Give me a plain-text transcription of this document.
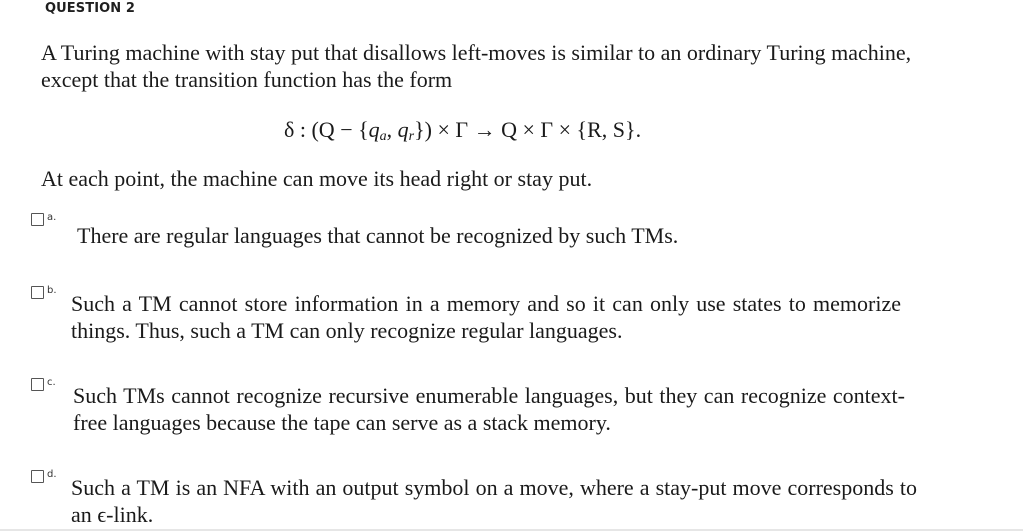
QUESTION 2
A Turing machine with stay put that disallows left-moves is similar to an ordinary Turing machine, except that the transition function has the form
δ : ($Q - \{q_a$, $q_r\}) \times \Gamma \to Q \times \Gamma \times \{R$, S}.
At each point, the machine can move its head right or stay put.
a.
There are regular languages that cannot be recognized by such TMs.
b.
Such a TM cannot store information in a memory and so it can only use states to memorize things. Thus, such a TM can only recognize regular languages.
c.
Such TMs cannot recognize recursive enumerable languages, but they can recognize context-free languages because the tape can serve as a stack memory.
d.
Such a TM is an NFA with an output symbol on a move, where a stay-put move corresponds to an ϵ-link.
